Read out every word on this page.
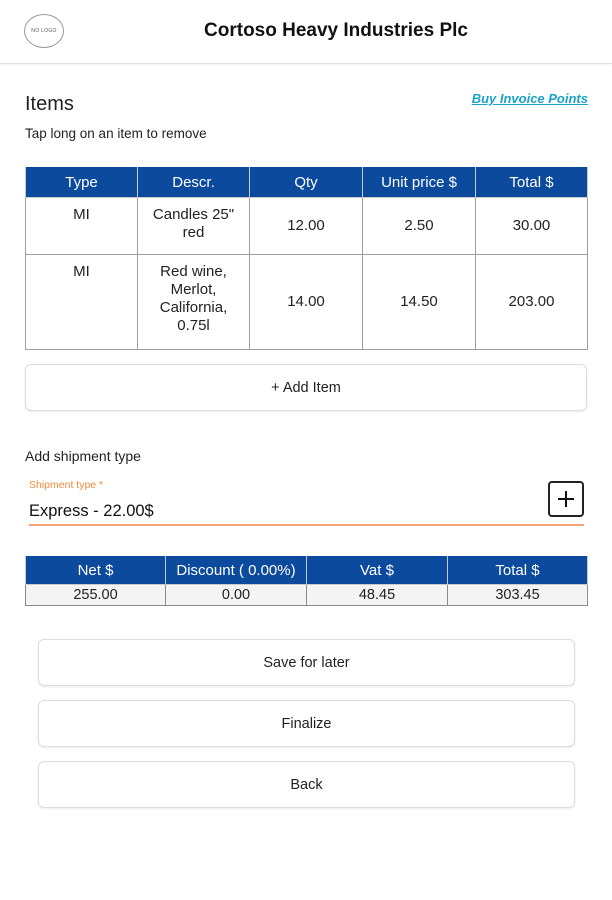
NO LOGO	Cortoso Heavy Industries Plc
Items	Buy Invoice Points
Tap long on an item to remove
Type	Descr.	Qty	Unit price $	Total $
MI	Candles 25" red	12.00	2.50	30.00
MI	Red wine, Merlot, California, 0.75l	14.00	14.50	203.00
+ Add Item
Add shipment type
Shipment type *
Express - 22.00$
Net $	Discount ( 0.00%)	Vat $	Total $
255.00	0.00	48.45	303.45
Save for later
Finalize
Back
